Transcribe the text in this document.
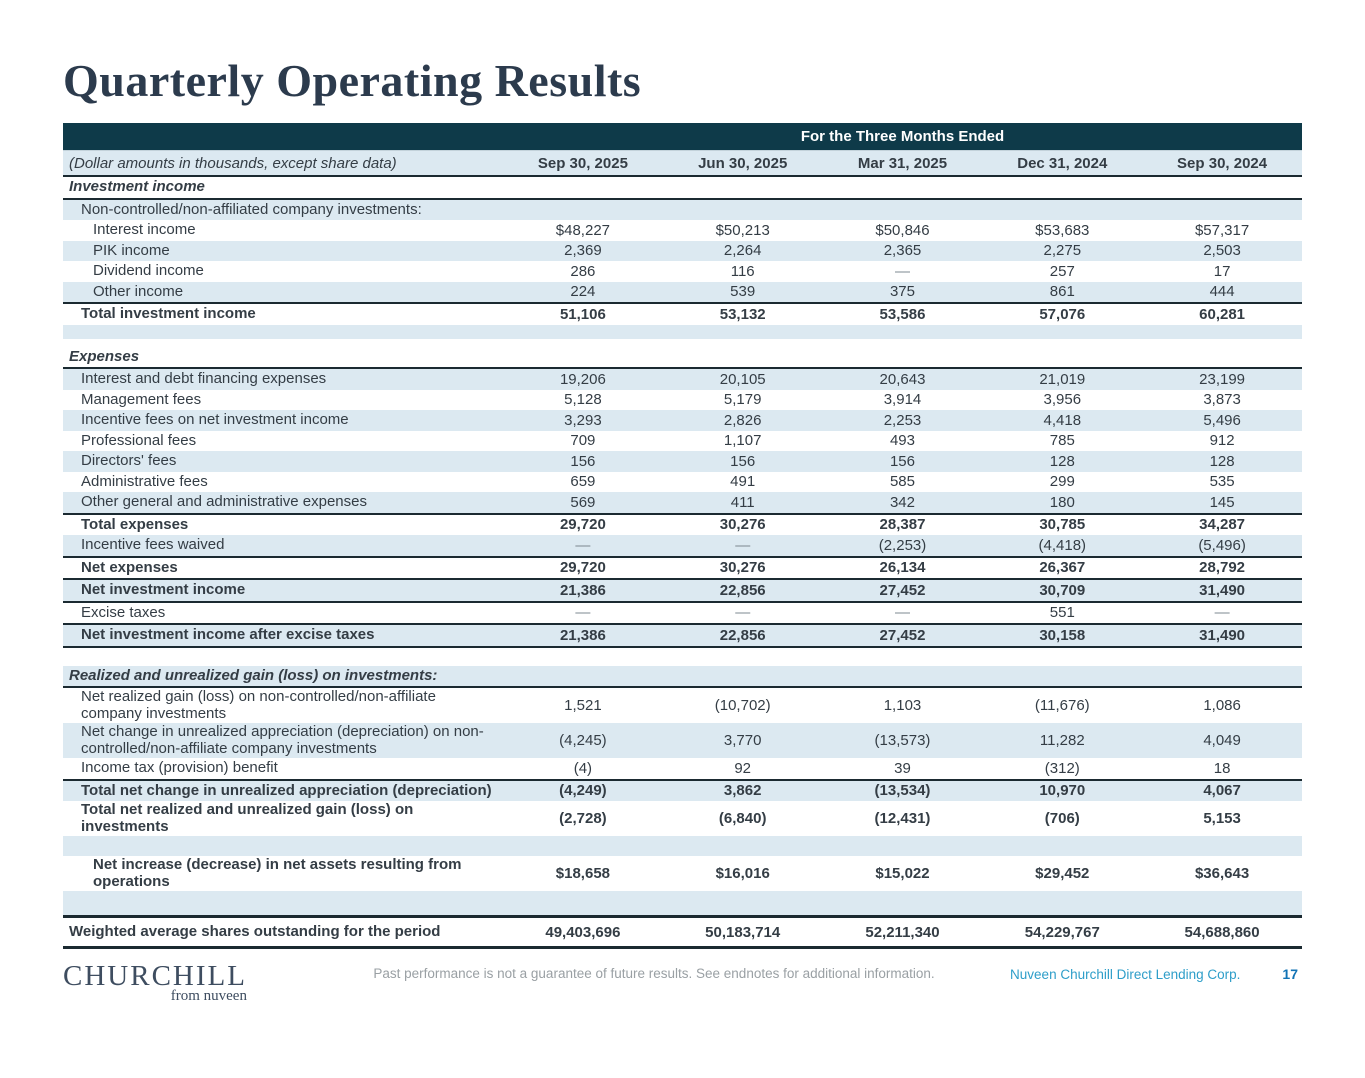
Quarterly Operating Results
For the Three Months Ended
(Dollar amounts in thousands, except share data)	Sep 30, 2025	Jun 30, 2025	Mar 31, 2025	Dec 31, 2024	Sep 30, 2024
Investment income
Non-controlled/non-affiliated company investments:
Interest income	$48,227	$50,213	$50,846	$53,683	$57,317
PIK income	2,369	2,264	2,365	2,275	2,503
Dividend income	286	116	—	257	17
Other income	224	539	375	861	444
Total investment income	51,106	53,132	53,586	57,076	60,281
Expenses
Interest and debt financing expenses	19,206	20,105	20,643	21,019	23,199
Management fees	5,128	5,179	3,914	3,956	3,873
Incentive fees on net investment income	3,293	2,826	2,253	4,418	5,496
Professional fees	709	1,107	493	785	912
Directors' fees	156	156	156	128	128
Administrative fees	659	491	585	299	535
Other general and administrative expenses	569	411	342	180	145
Total expenses	29,720	30,276	28,387	30,785	34,287
Incentive fees waived	—	—	(2,253)	(4,418)	(5,496)
Net expenses	29,720	30,276	26,134	26,367	28,792
Net investment income	21,386	22,856	27,452	30,709	31,490
Excise taxes	—	—	—	551	—
Net investment income after excise taxes	21,386	22,856	27,452	30,158	31,490
Realized and unrealized gain (loss) on investments:
Net realized gain (loss) on non-controlled/non-affiliate company investments	1,521	(10,702)	1,103	(11,676)	1,086
Net change in unrealized appreciation (depreciation) on non-controlled/non-affiliate company investments	(4,245)	3,770	(13,573)	11,282	4,049
Income tax (provision) benefit	(4)	92	39	(312)	18
Total net change in unrealized appreciation (depreciation)	(4,249)	3,862	(13,534)	10,970	4,067
Total net realized and unrealized gain (loss) on investments	(2,728)	(6,840)	(12,431)	(706)	5,153
Net increase (decrease) in net assets resulting from operations	$18,658	$16,016	$15,022	$29,452	$36,643
Weighted average shares outstanding for the period	49,403,696	50,183,714	52,211,340	54,229,767	54,688,860
CHURCHILL
from nuveen
Past performance is not a guarantee of future results. See endnotes for additional information.	Nuveen Churchill Direct Lending Corp.	17
